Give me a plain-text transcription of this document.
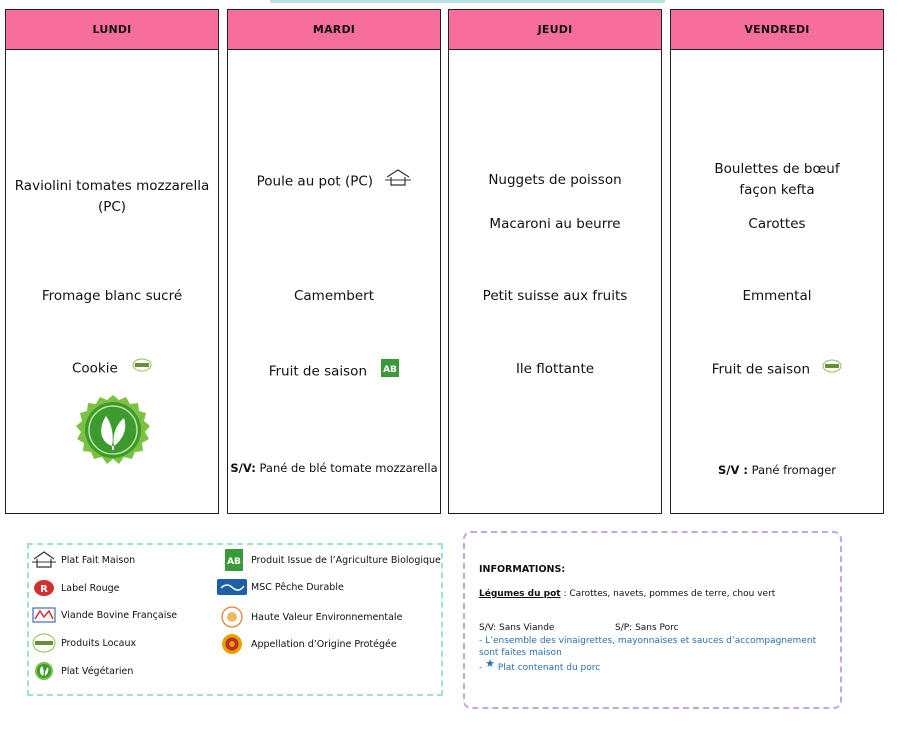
LUNDI
Raviolini tomates mozzarella
(PC)
Fromage blanc sucré
Cookie
MARDI
Poule au pot (PC)
Camembert
Fruit de saison AB
S/V: Pané de blé tomate mozzarella
JEUDI
Nuggets de poisson
Macaroni au beurre
Petit suisse aux fruits
Ile flottante
VENDREDI
Boulettes de bœuf
façon kefta
Carottes
Emmental
Fruit de saison
S/V : Pané fromager
Plat Fait Maison
R Label Rouge
Viande Bovine Française
Produits Locaux
Plat Végétarien
AB Produit Issue de l’Agriculture Biologique
MSC Pêche Durable
Haute Valeur Environnementale
Appellation d’Origine Protégée
INFORMATIONS:
Légumes du pot : Carottes, navets, pommes de terre, chou vert
S/V: Sans Viande	S/P: Sans Porc
- L’ensemble des vinaigrettes, mayonnaises et sauces d’accompagnement sont faites maison
- ★ Plat contenant du porc
